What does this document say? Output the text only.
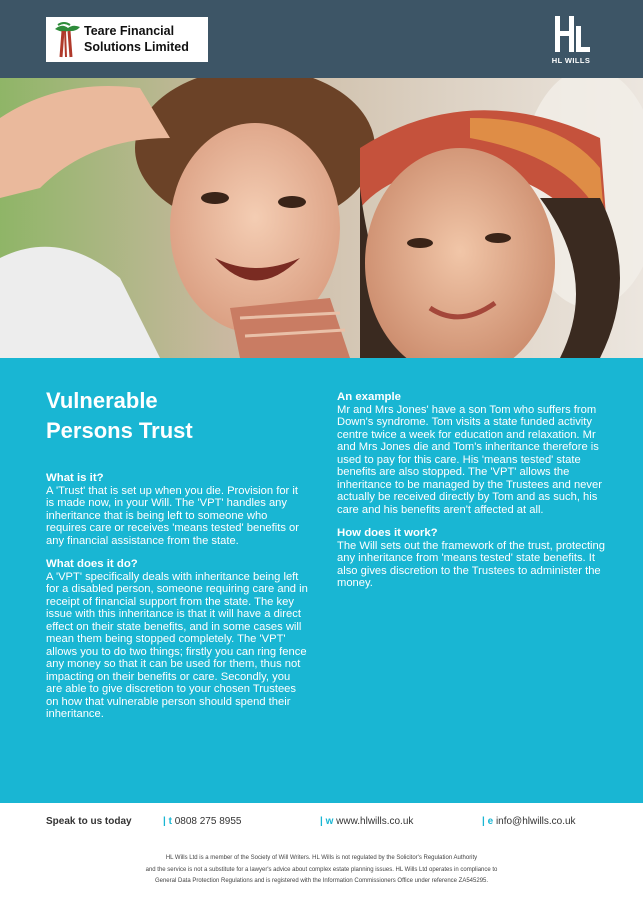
Teare Financial
Solutions Limited
HL WILLS
Vulnerable
Persons Trust

What is it?

A 'Trust' that is set up when you die. Provision for it is made now, in your Will. The 'VPT' handles any inheritance that is being left to someone who requires care or receives 'means tested' benefits or any financial assistance from the state.

What does it do?

A 'VPT' specifically deals with inheritance being left for a disabled person, someone requiring care and in receipt of financial support from the state. The key issue with this inheritance is that it will have a direct effect on their state benefits, and in some cases will mean them being stopped completely. The 'VPT' allows you to do two things; firstly you can ring fence any money so that it can be used for them, thus not impacting on their benefits or care. Secondly, you are able to give discretion to your chosen Trustees on how that vulnerable person should spend their inheritance.

An example

Mr and Mrs Jones' have a son Tom who suffers from Down's syndrome. Tom visits a state funded activity centre twice a week for education and relaxation. Mr and Mrs Jones die and Tom's inheritance therefore is used to pay for this care. His 'means tested' state benefits are also stopped. The 'VPT' allows the inheritance to be managed by the Trustees and never actually be received directly by Tom and as such, his care and his benefits aren't affected at all.

How does it work?

The Will sets out the framework of the trust, protecting any inheritance from 'means tested' state benefits. It also gives discretion to the Trustees to administer the money.

Speak to us today	| t 0808 275 8955	| w www.hlwills.co.uk	| e info@hlwills.co.uk
HL Wills Ltd is a member of the Society of Will Writers. HL Wills is not regulated by the Solicitor's Regulation Authority
and the service is not a substitute for a lawyer's advice about complex estate planning issues. HL Wills Ltd operates in compliance to
General Data Protection Regulations and is registered with the Information Commissioners Office under reference ZA545295.
